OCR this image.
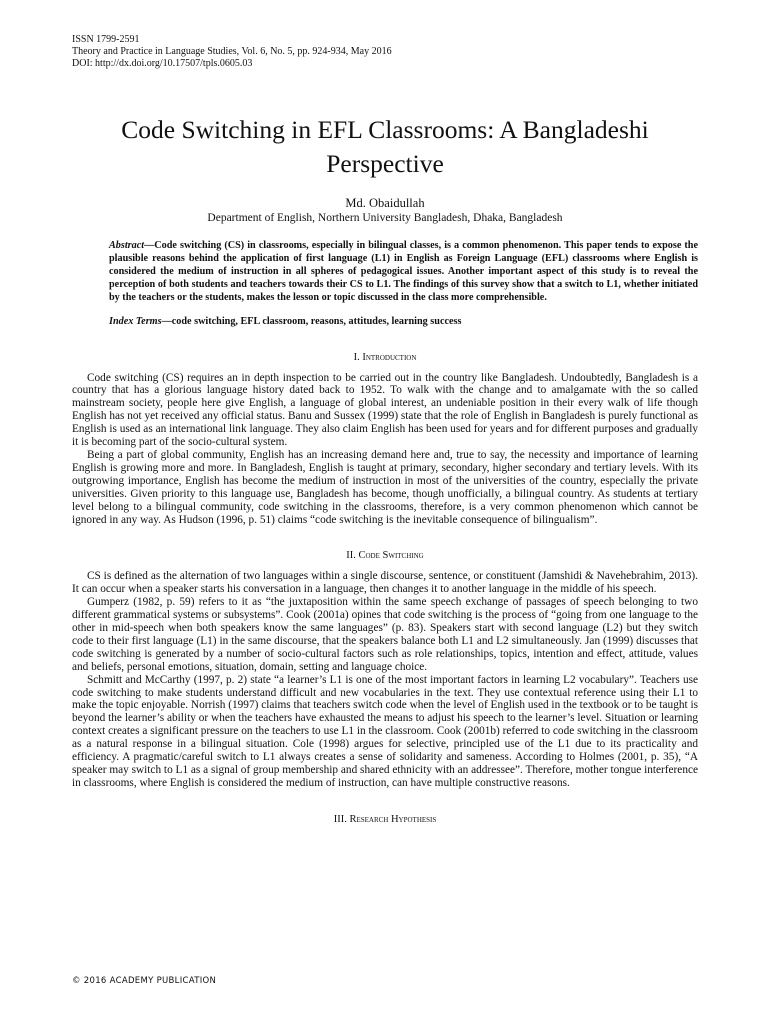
ISSN 1799-2591

Theory and Practice in Language Studies, Vol. 6, No. 5, pp. 924-934, May 2016

DOI: http://dx.doi.org/10.17507/tpls.0605.03

Code Switching in EFL Classrooms: A Bangladeshi Perspective
Md. Obaidullah
Department of English, Northern University Bangladesh, Dhaka, Bangladesh
Abstract—Code switching (CS) in classrooms, especially in bilingual classes, is a common phenomenon. This paper tends to expose the plausible reasons behind the application of first language (L1) in English as Foreign Language (EFL) classrooms where English is considered the medium of instruction in all spheres of pedagogical issues. Another important aspect of this study is to reveal the perception of both students and teachers towards their CS to L1. The findings of this survey show that a switch to L1, whether initiated by the teachers or the students, makes the lesson or topic discussed in the class more comprehensible.
Index Terms—code switching, EFL classroom, reasons, attitudes, learning success
I. Introduction

Code switching (CS) requires an in depth inspection to be carried out in the country like Bangladesh. Undoubtedly, Bangladesh is a country that has a glorious language history dated back to 1952. To walk with the change and to amalgamate with the so called mainstream society, people here give English, a language of global interest, an undeniable position in their every walk of life though English has not yet received any official status. Banu and Sussex (1999) state that the role of English in Bangladesh is purely functional as English is used as an international link language. They also claim English has been used for years and for different purposes and gradually it is becoming part of the socio-cultural system.

Being a part of global community, English has an increasing demand here and, true to say, the necessity and importance of learning English is growing more and more. In Bangladesh, English is taught at primary, secondary, higher secondary and tertiary levels. With its outgrowing importance, English has become the medium of instruction in most of the universities of the country, especially the private universities. Given priority to this language use, Bangladesh has become, though unofficially, a bilingual country. As students at tertiary level belong to a bilingual community, code switching in the classrooms, therefore, is a very common phenomenon which cannot be ignored in any way. As Hudson (1996, p. 51) claims “code switching is the inevitable consequence of bilingualism”.

II. Code Switching

CS is defined as the alternation of two languages within a single discourse, sentence, or constituent (Jamshidi & Navehebrahim, 2013). It can occur when a speaker starts his conversation in a language, then changes it to another language in the middle of his speech.

Gumperz (1982, p. 59) refers to it as “the juxtaposition within the same speech exchange of passages of speech belonging to two different grammatical systems or subsystems”. Cook (2001a) opines that code switching is the process of “going from one language to the other in mid-speech when both speakers know the same languages” (p. 83). Speakers start with second language (L2) but they switch code to their first language (L1) in the same discourse, that the speakers balance both L1 and L2 simultaneously. Jan (1999) discusses that code switching is generated by a number of socio-cultural factors such as role relationships, topics, intention and effect, attitude, values and beliefs, personal emotions, situation, domain, setting and language choice.

Schmitt and McCarthy (1997, p. 2) state “a learner’s L1 is one of the most important factors in learning L2 vocabulary”. Teachers use code switching to make students understand difficult and new vocabularies in the text. They use contextual reference using their L1 to make the topic enjoyable. Norrish (1997) claims that teachers switch code when the level of English used in the textbook or to be taught is beyond the learner’s ability or when the teachers have exhausted the means to adjust his speech to the learner’s level. Situation or learning context creates a significant pressure on the teachers to use L1 in the classroom. Cook (2001b) referred to code switching in the classroom as a natural response in a bilingual situation. Cole (1998) argues for selective, principled use of the L1 due to its practicality and efficiency. A pragmatic/careful switch to L1 always creates a sense of solidarity and sameness. According to Holmes (2001, p. 35), “A speaker may switch to L1 as a signal of group membership and shared ethnicity with an addressee”. Therefore, mother tongue interference in classrooms, where English is considered the medium of instruction, can have multiple constructive reasons.

III. Research Hypothesis
© 2016 ACADEMY PUBLICATION
